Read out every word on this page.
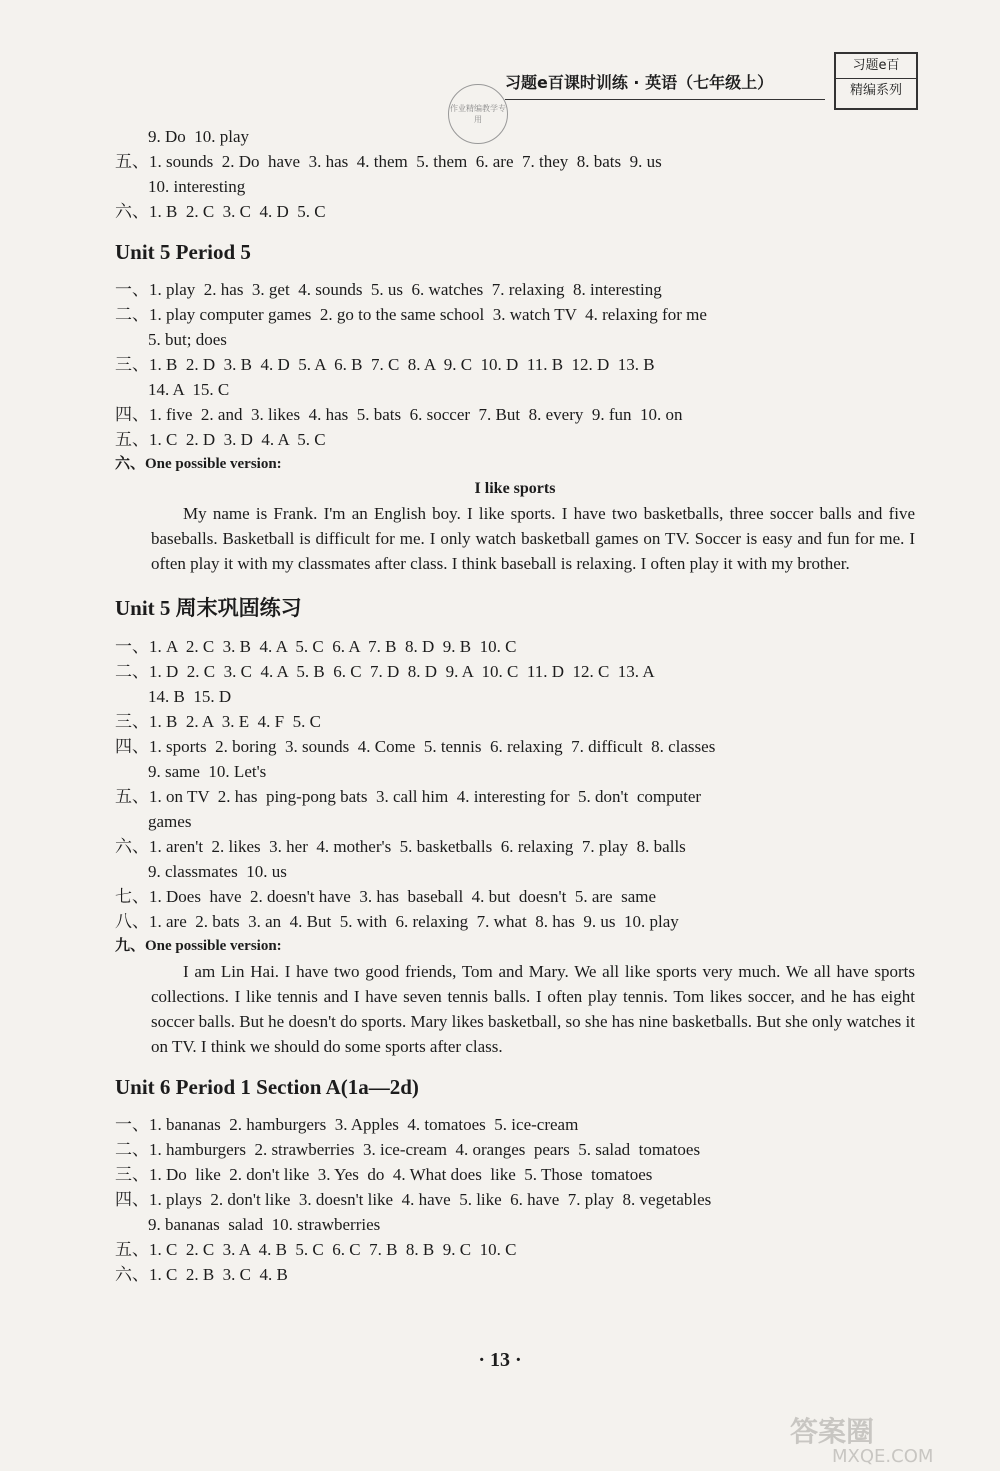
习题e百课时训练 · 英语（七年级上）
习题e百
精编系列
作业精编教学专用
9. Do  10. play
五、1. sounds  2. Do  have  3. has  4. them  5. them  6. are  7. they  8. bats  9. us
10. interesting
六、1. B  2. C  3. C  4. D  5. C
Unit 5 Period 5
一、1. play  2. has  3. get  4. sounds  5. us  6. watches  7. relaxing  8. interesting
二、1. play computer games  2. go to the same school  3. watch TV  4. relaxing for me
5. but; does
三、1. B  2. D  3. B  4. D  5. A  6. B  7. C  8. A  9. C  10. D  11. B  12. D  13. B
14. A  15. C
四、1. five  2. and  3. likes  4. has  5. bats  6. soccer  7. But  8. every  9. fun  10. on
五、1. C  2. D  3. D  4. A  5. C
六、One possible version:
I like sports
My name is Frank. I'm an English boy. I like sports. I have two basketballs, three soccer balls and five baseballs. Basketball is difficult for me. I only watch basketball games on TV. Soccer is easy and fun for me. I often play it with my classmates after class. I think baseball is relaxing. I often play it with my brother.
Unit 5 周末巩固练习
一、1. A  2. C  3. B  4. A  5. C  6. A  7. B  8. D  9. B  10. C
二、1. D  2. C  3. C  4. A  5. B  6. C  7. D  8. D  9. A  10. C  11. D  12. C  13. A
14. B  15. D
三、1. B  2. A  3. E  4. F  5. C
四、1. sports  2. boring  3. sounds  4. Come  5. tennis  6. relaxing  7. difficult  8. classes
9. same  10. Let's
五、1. on TV  2. has  ping-pong bats  3. call him  4. interesting for  5. don't  computer
games
六、1. aren't  2. likes  3. her  4. mother's  5. basketballs  6. relaxing  7. play  8. balls
9. classmates  10. us
七、1. Does  have  2. doesn't have  3. has  baseball  4. but  doesn't  5. are  same
八、1. are  2. bats  3. an  4. But  5. with  6. relaxing  7. what  8. has  9. us  10. play
九、One possible version:
I am Lin Hai. I have two good friends, Tom and Mary. We all like sports very much. We all have sports collections. I like tennis and I have seven tennis balls. I often play tennis. Tom likes soccer, and he has eight soccer balls. But he doesn't do sports. Mary likes basketball, so she has nine basketballs. But she only watches it on TV. I think we should do some sports after class.
Unit 6 Period 1 Section A(1a—2d)
一、1. bananas  2. hamburgers  3. Apples  4. tomatoes  5. ice-cream
二、1. hamburgers  2. strawberries  3. ice-cream  4. oranges  pears  5. salad  tomatoes
三、1. Do  like  2. don't like  3. Yes  do  4. What does  like  5. Those  tomatoes
四、1. plays  2. don't like  3. doesn't like  4. have  5. like  6. have  7. play  8. vegetables
9. bananas  salad  10. strawberries
五、1. C  2. C  3. A  4. B  5. C  6. C  7. B  8. B  9. C  10. C
六、1. C  2. B  3. C  4. B
· 13 ·
答案圈
MXQE.COM
